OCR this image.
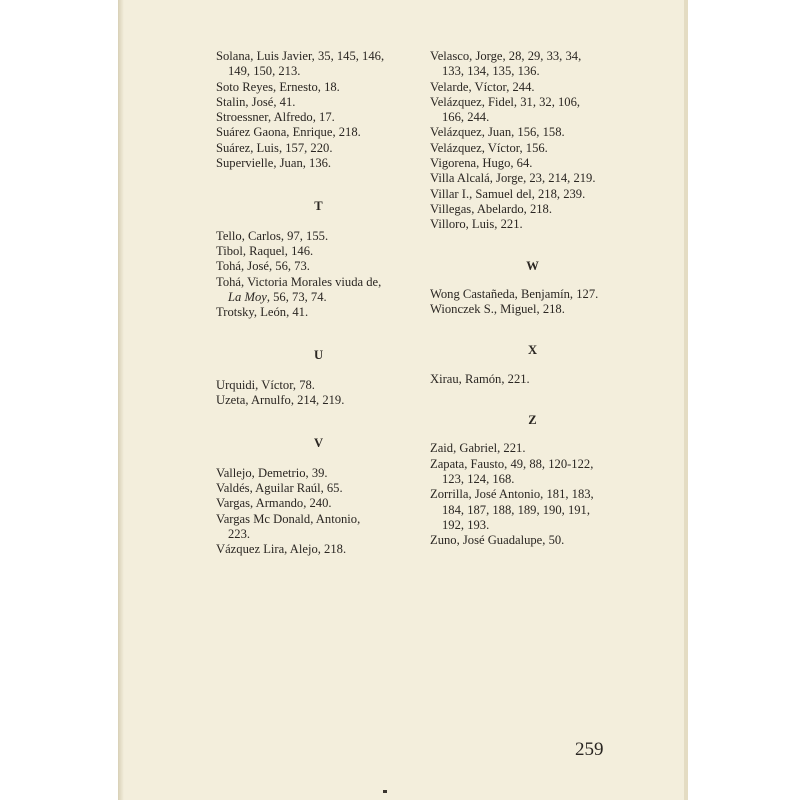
Solana, Luis Javier, 35, 145, 146,
149, 150, 213.

Soto Reyes, Ernesto, 18.

Stalin, José, 41.

Stroessner, Alfredo, 17.

Suárez Gaona, Enrique, 218.

Suárez, Luis, 157, 220.

Supervielle, Juan, 136.

T

Tello, Carlos, 97, 155.

Tibol, Raquel, 146.

Tohá, José, 56, 73.

Tohá, Victoria Morales viuda de,
La Moy, 56, 73, 74.

Trotsky, León, 41.

U

Urquidi, Víctor, 78.

Uzeta, Arnulfo, 214, 219.

V

Vallejo, Demetrio, 39.

Valdés, Aguilar Raúl, 65.

Vargas, Armando, 240.

Vargas Mc Donald, Antonio,
223.

Vázquez Lira, Alejo, 218.

Velasco, Jorge, 28, 29, 33, 34,
133, 134, 135, 136.

Velarde, Víctor, 244.

Velázquez, Fidel, 31, 32, 106,
166, 244.

Velázquez, Juan, 156, 158.

Velázquez, Víctor, 156.

Vigorena, Hugo, 64.

Villa Alcalá, Jorge, 23, 214, 219.

Villar I., Samuel del, 218, 239.

Villegas, Abelardo, 218.

Villoro, Luis, 221.

W

Wong Castañeda, Benjamín, 127.

Wionczek S., Miguel, 218.

X

Xirau, Ramón, 221.

Z

Zaid, Gabriel, 221.

Zapata, Fausto, 49, 88, 120-122,
123, 124, 168.

Zorrilla, José Antonio, 181, 183,
184, 187, 188, 189, 190, 191,
192, 193.

Zuno, José Guadalupe, 50.

259
